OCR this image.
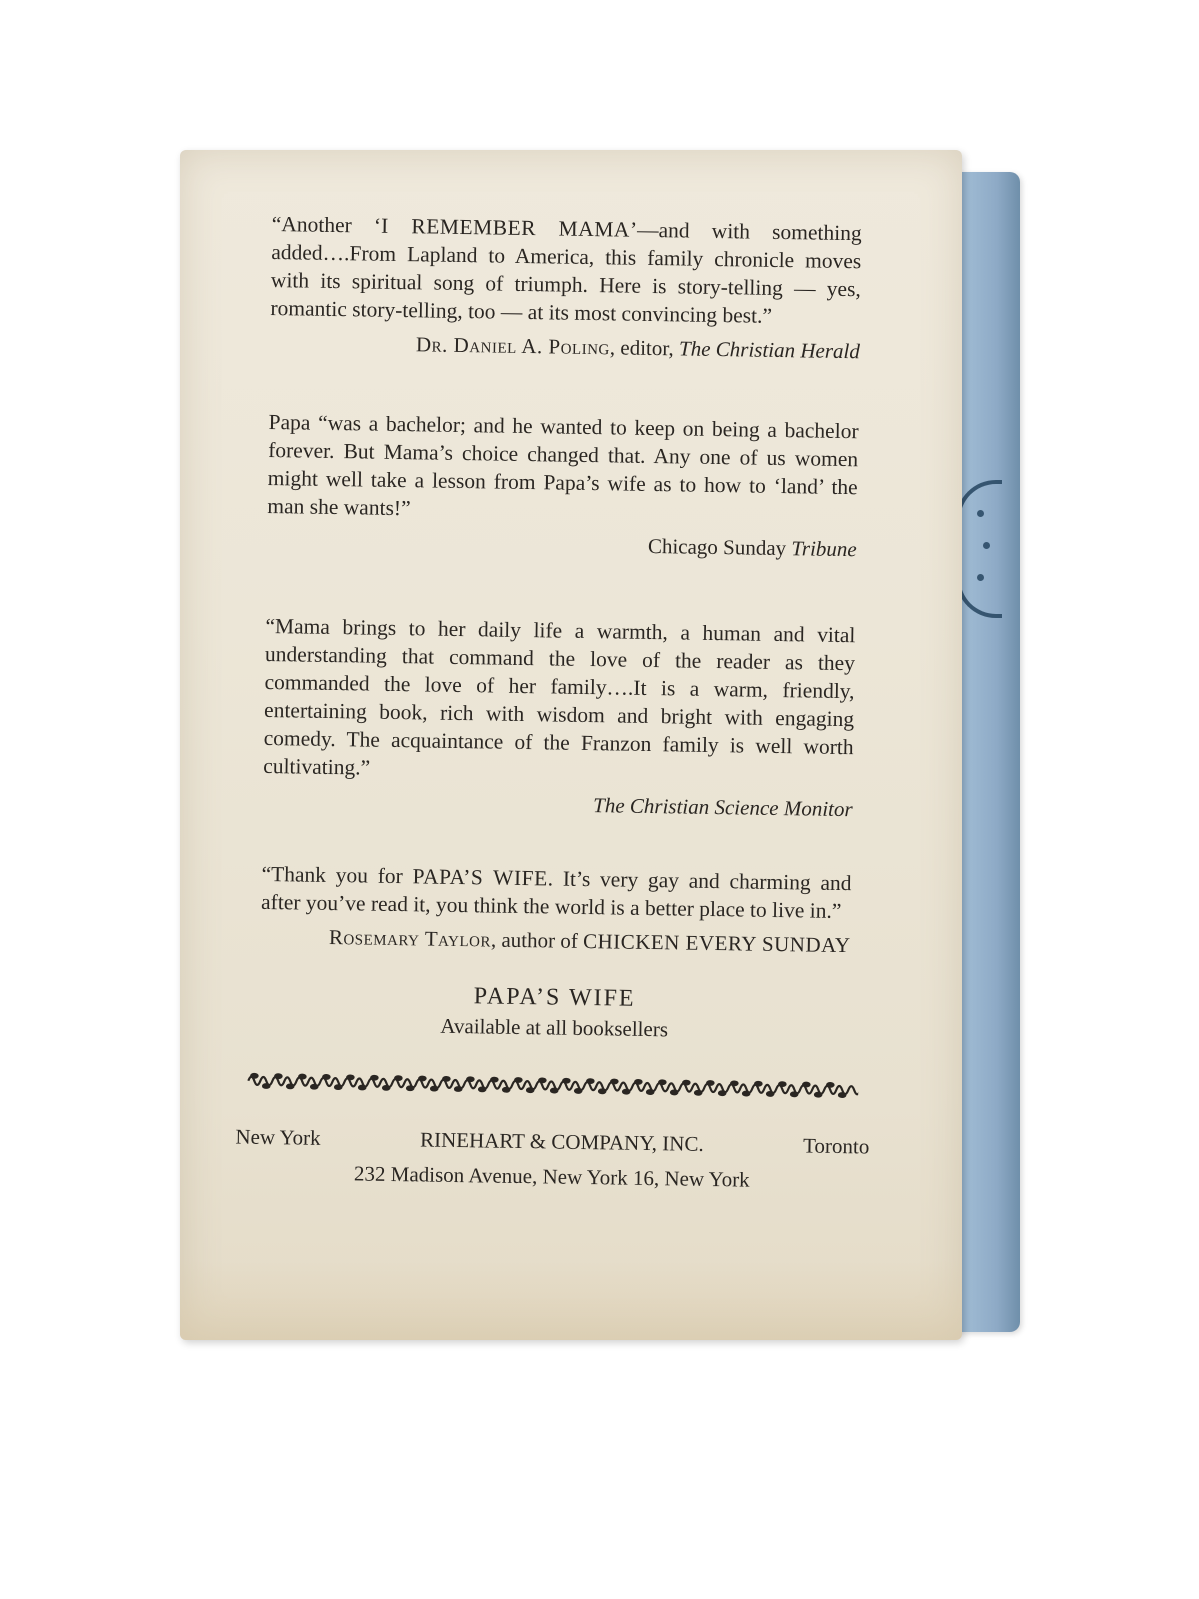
“Another ‘I REMEMBER MAMA’—and with something added….From Lapland to America, this family chronicle moves with its spiritual song of triumph. Here is story-telling — yes, romantic story-telling, too — at its most convincing best.”

Dr. Daniel A. Poling, editor, The Christian Herald

Papa “was a bachelor; and he wanted to keep on being a bachelor forever. But Mama’s choice changed that. Any one of us women might well take a lesson from Papa’s wife as to how to ‘land’ the man she wants!”

Chicago Sunday Tribune

“Mama brings to her daily life a warmth, a human and vital understanding that command the love of the reader as they commanded the love of her family….It is a warm, friendly, entertaining book, rich with wisdom and bright with engaging comedy. The acquaintance of the Franzon family is well worth cultivating.”

The Christian Science Monitor

“Thank you for PAPA’S WIFE. It’s very gay and charming and after you’ve read it, you think the world is a better place to live in.”

Rosemary Taylor, author of CHICKEN EVERY SUNDAY

PAPA’S WIFE

Available at all booksellers

New York	RINEHART & COMPANY, INC.	Toronto

232 Madison Avenue, New York 16, New York
